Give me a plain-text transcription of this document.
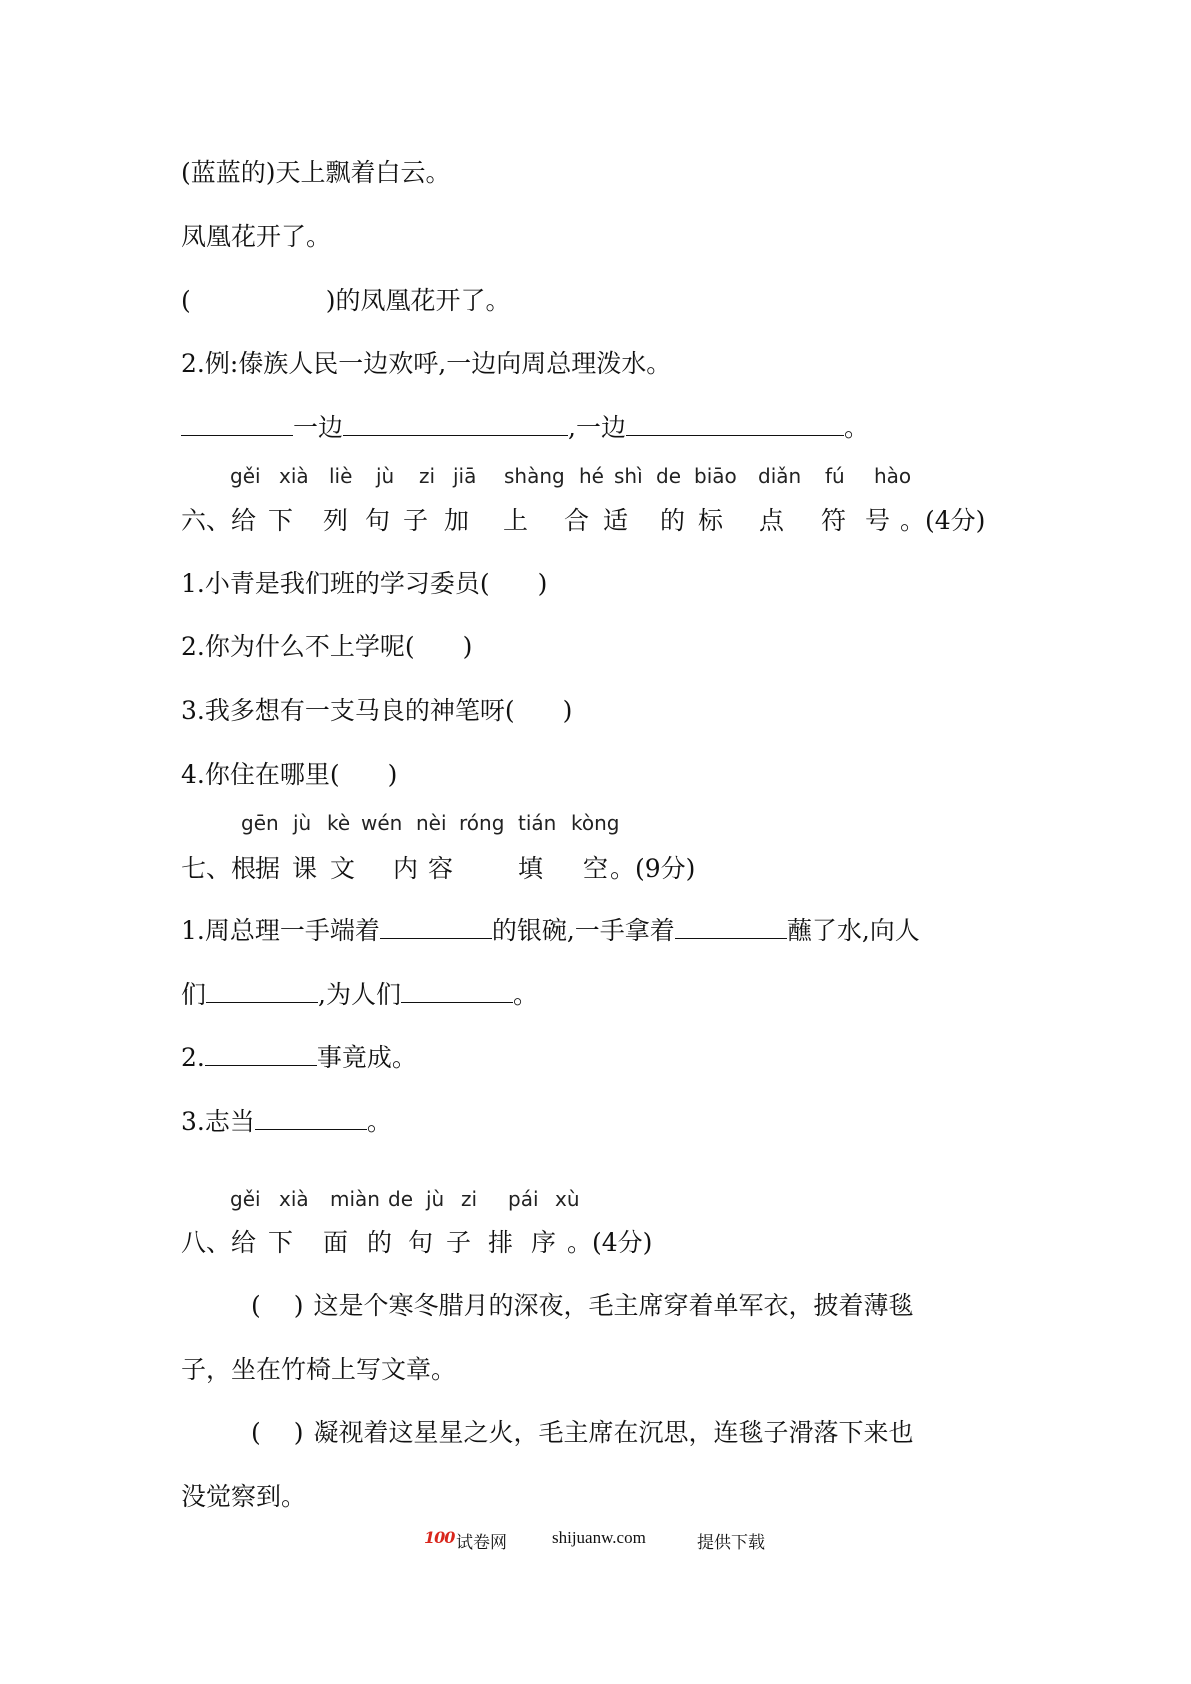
(蓝蓝的)天上飘着白云。
凤凰花开了。
(	)的凤凰花开了。
2.例:傣族人民一边欢呼,一边向周总理泼水。
一边	,一边	。
gěi xià liè jù zi jiā shàng hé shì de biāo diǎn fú hào
六、给 下 列 句 子 加 上 合 适 的 标 点 符 号 。(4分)
1.小青是我们班的学习委员( )
2.你为什么不上学呢( )
3.我多想有一支马良的神笔呀( )
4.你住在哪里( )
gēn jù kè wén nèi róng tián kòng
七、根
据 课 文 内 容	填 空 。(9分)
1.周总理一手端着	的银碗,一手拿着	蘸了水,向人
们	,为人们	。
2.	事竟成。
3.志当	。
gěi xià miàn de jù zi pái xù
八、给 下 面 的 句 子 排 序 。(4分)
(　 ) 这是个寒冬腊月的深夜，毛主席穿着单军衣，披着薄毯
子，坐在竹椅上写文章。
(　 ) 凝视着这星星之火，毛主席在沉思，连毯子滑落下来也
没觉察到。
100 试卷网	shijuanw.com	提供下载
